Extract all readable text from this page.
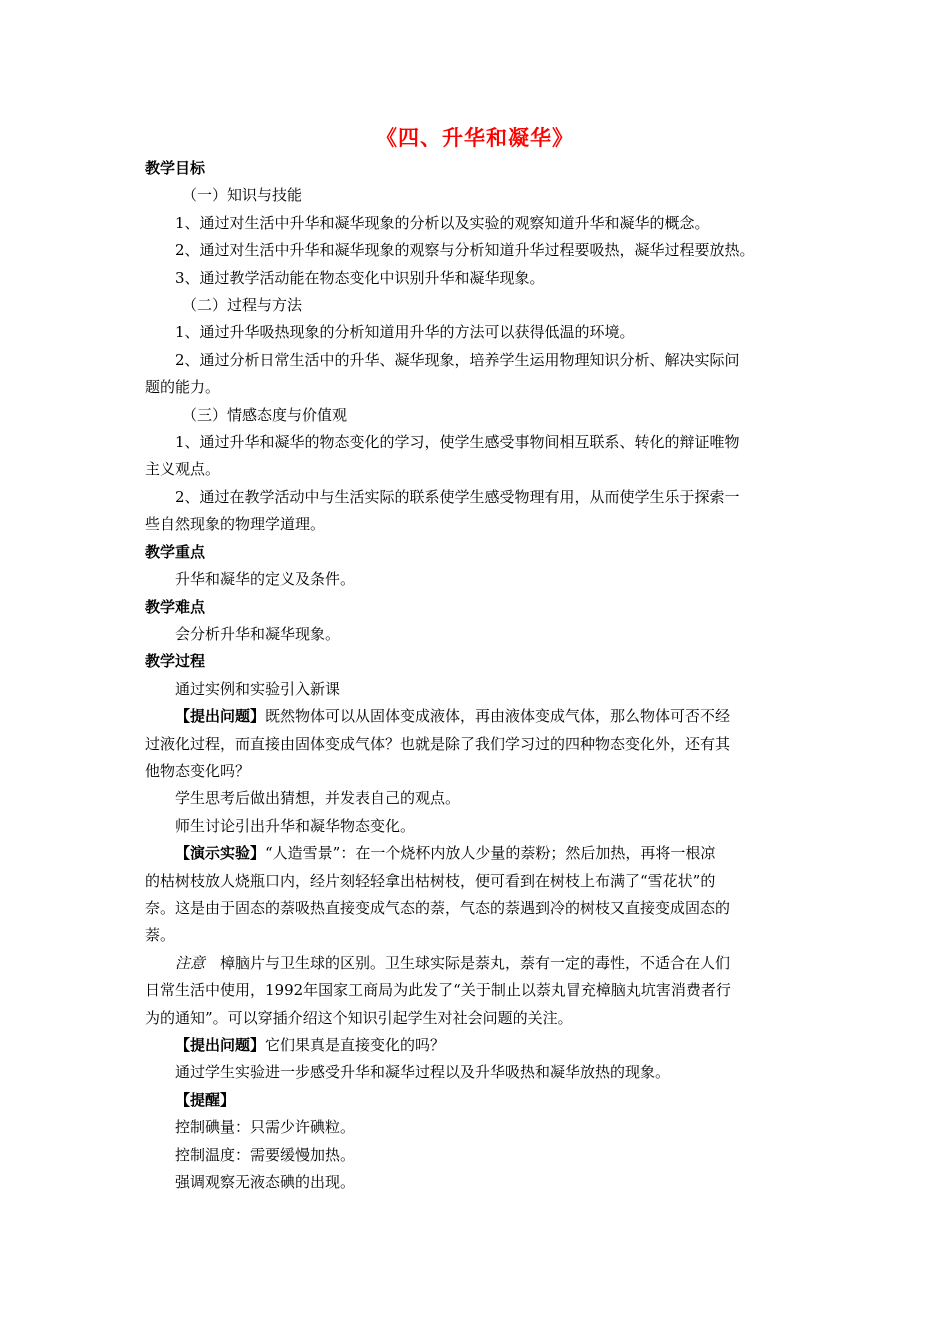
《四、升华和凝华》
教学目标
（一）知识与技能
1、通过对生活中升华和凝华现象的分析以及实验的观察知道升华和凝华的概念。
2、通过对生活中升华和凝华现象的观察与分析知道升华过程要吸热，凝华过程要放热。
3、通过教学活动能在物态变化中识别升华和凝华现象。
（二）过程与方法
1、通过升华吸热现象的分析知道用升华的方法可以获得低温的环境。
2、通过分析日常生活中的升华、凝华现象，培养学生运用物理知识分析、解决实际问
题的能力。
（三）情感态度与价值观
1、通过升华和凝华的物态变化的学习，使学生感受事物间相互联系、转化的辩证唯物
主义观点。
2、通过在教学活动中与生活实际的联系使学生感受物理有用，从而使学生乐于探索一
些自然现象的物理学道理。
教学重点
升华和凝华的定义及条件。
教学难点
会分析升华和凝华现象。
教学过程
通过实例和实验引入新课
【提出问题】既然物体可以从固体变成液体，再由液体变成气体，那么物体可否不经
过液化过程，而直接由固体变成气体？也就是除了我们学习过的四种物态变化外，还有其
他物态变化吗？
学生思考后做出猜想，并发表自己的观点。
师生讨论引出升华和凝华物态变化。
【演示实验】“人造雪景”：在一个烧杯内放人少量的萘粉；然后加热，再将一根凉
的枯树枝放人烧瓶口内，经片刻轻轻拿出枯树枝，便可看到在树枝上布满了“雪花状”的
奈。这是由于固态的萘吸热直接变成气态的萘，气态的萘遇到冷的树枝又直接变成固态的
萘。
注意 樟脑片与卫生球的区别。卫生球实际是萘丸，萘有一定的毒性，不适合在人们
日常生活中使用，1992年国家工商局为此发了“关于制止以萘丸冒充樟脑丸坑害消费者行
为的通知”。可以穿插介绍这个知识引起学生对社会问题的关注。
【提出问题】它们果真是直接变化的吗？
通过学生实验进一步感受升华和凝华过程以及升华吸热和凝华放热的现象。
【提醒】
控制碘量：只需少许碘粒。
控制温度：需要缓慢加热。
强调观察无液态碘的出现。
